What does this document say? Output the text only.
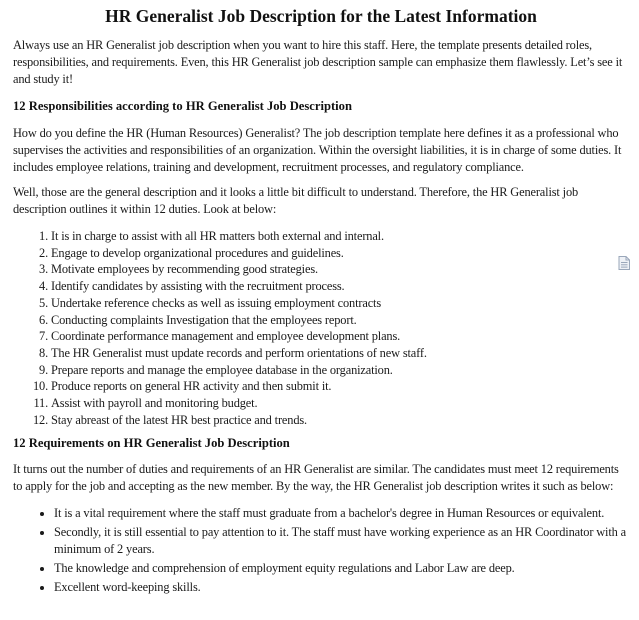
HR Generalist Job Description for the Latest Information

Always use an HR Generalist job description when you want to hire this staff. Here, the template presents detailed roles, responsibilities, and requirements. Even, this HR Generalist job description sample can emphasize them flawlessly. Let’s see it and study it!

12 Responsibilities according to HR Generalist Job Description

How do you define the HR (Human Resources) Generalist? The job description template here defines it as a professional who supervises the activities and responsibilities of an organization. Within the oversight liabilities, it is in charge of some duties. It includes employee relations, training and development, recruitment processes, and regulatory compliance.

Well, those are the general description and it looks a little bit difficult to understand. Therefore, the HR Generalist job description outlines it within 12 duties. Look at below:

1. It is in charge to assist with all HR matters both external and internal.
2. Engage to develop organizational procedures and guidelines.
3. Motivate employees by recommending good strategies.
4. Identify candidates by assisting with the recruitment process.
5. Undertake reference checks as well as issuing employment contracts
6. Conducting complaints Investigation that the employees report.
7. Coordinate performance management and employee development plans.
8. The HR Generalist must update records and perform orientations of new staff.
9. Prepare reports and manage the employee database in the organization.
10. Produce reports on general HR activity and then submit it.
11. Assist with payroll and monitoring budget.
12. Stay abreast of the latest HR best practice and trends.
12 Requirements on HR Generalist Job Description

It turns out the number of duties and requirements of an HR Generalist are similar. The candidates must meet 12 requirements to apply for the job and accepting as the new member. By the way, the HR Generalist job description writes it such as below:

• It is a vital requirement where the staff must graduate from a bachelor's degree in Human Resources or equivalent.
• Secondly, it is still essential to pay attention to it. The staff must have working experience as an HR Coordinator with a minimum of 2 years.
• The knowledge and comprehension of employment equity regulations and Labor Law are deep.
• Excellent word-keeping skills.
